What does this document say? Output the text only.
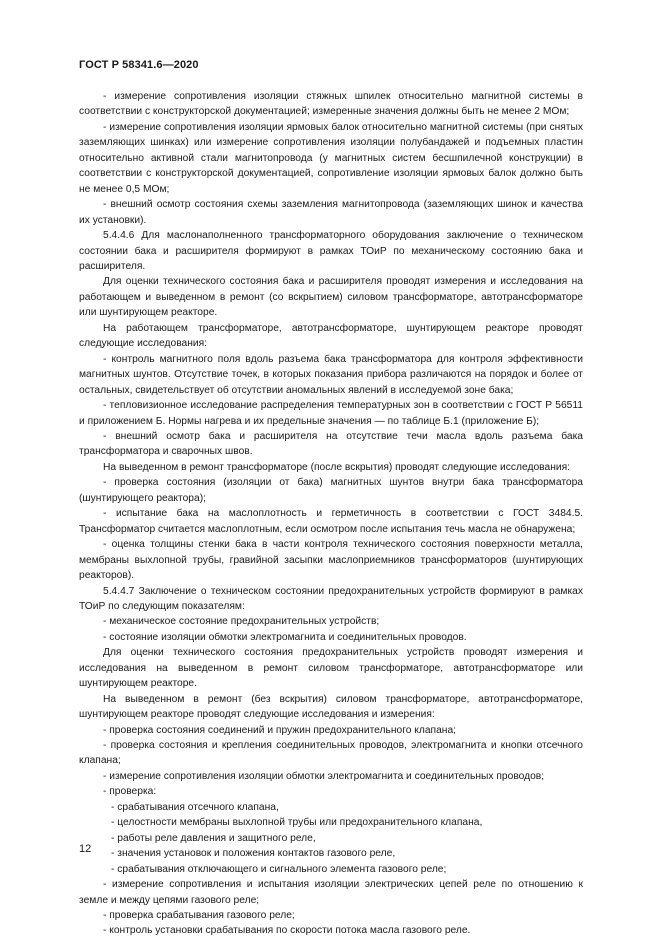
ГОСТ Р 58341.6—2020

- измерение сопротивления изоляции стяжных шпилек относительно магнитной системы в соответствии с конструкторской документацией; измеренные значения должны быть не менее 2 МОм;

- измерение сопротивления изоляции ярмовых балок относительно магнитной системы (при снятых заземляющих шинках) или измерение сопротивления изоляции полубандажей и подъемных пластин относительно активной стали магнитопровода (у магнитных систем бесшпилечной конструкции) в соответствии с конструкторской документацией, сопротивление изоляции ярмовых балок должно быть не менее 0,5 МОм;

- внешний осмотр состояния схемы заземления магнитопровода (заземляющих шинок и качества их установки).

5.4.4.6 Для маслонаполненного трансформаторного оборудования заключение о техническом состоянии бака и расширителя формируют в рамках ТОиР по механическому состоянию бака и расширителя.

Для оценки технического состояния бака и расширителя проводят измерения и исследования на работающем и выведенном в ремонт (со вскрытием) силовом трансформаторе, автотрансформаторе или шунтирующем реакторе.

На работающем трансформаторе, автотрансформаторе, шунтирующем реакторе проводят следующие исследования:

- контроль магнитного поля вдоль разъема бака трансформатора для контроля эффективности магнитных шунтов. Отсутствие точек, в которых показания прибора различаются на порядок и более от остальных, свидетельствует об отсутствии аномальных явлений в исследуемой зоне бака;

- тепловизионное исследование распределения температурных зон в соответствии с ГОСТ Р 56511 и приложением Б. Нормы нагрева и их предельные значения — по таблице Б.1 (приложение Б);

- внешний осмотр бака и расширителя на отсутствие течи масла вдоль разъема бака трансформатора и сварочных швов.

На выведенном в ремонт трансформаторе (после вскрытия) проводят следующие исследования:

- проверка состояния (изоляции от бака) магнитных шунтов внутри бака трансформатора (шунтирующего реактора);

- испытание бака на маслоплотность и герметичность в соответствии с ГОСТ 3484.5. Трансформатор считается маслоплотным, если осмотром после испытания течь масла не обнаружена;

- оценка толщины стенки бака в части контроля технического состояния поверхности металла, мембраны выхлопной трубы, гравийной засыпки маслоприемников трансформаторов (шунтирующих реакторов).

5.4.4.7 Заключение о техническом состоянии предохранительных устройств формируют в рамках ТОиР по следующим показателям:

- механическое состояние предохранительных устройств;

- состояние изоляции обмотки электромагнита и соединительных проводов.

Для оценки технического состояния предохранительных устройств проводят измерения и исследования на выведенном в ремонт силовом трансформаторе, автотрансформаторе или шунтирующем реакторе.

На выведенном в ремонт (без вскрытия) силовом трансформаторе, автотрансформаторе, шунтирующем реакторе проводят следующие исследования и измерения:

- проверка состояния соединений и пружин предохранительного клапана;

- проверка состояния и крепления соединительных проводов, электромагнита и кнопки отсечного клапана;

- измерение сопротивления изоляции обмотки электромагнита и соединительных проводов;

- проверка:

- срабатывания отсечного клапана,

- целостности мембраны выхлопной трубы или предохранительного клапана,

- работы реле давления и защитного реле,

- значения установок и положения контактов газового реле,

- срабатывания отключающего и сигнального элемента газового реле;

- измерение сопротивления и испытания изоляции электрических цепей реле по отношению к земле и между цепями газового реле;

- проверка срабатывания газового реле;

- контроль установки срабатывания по скорости потока масла газового реле.

12
